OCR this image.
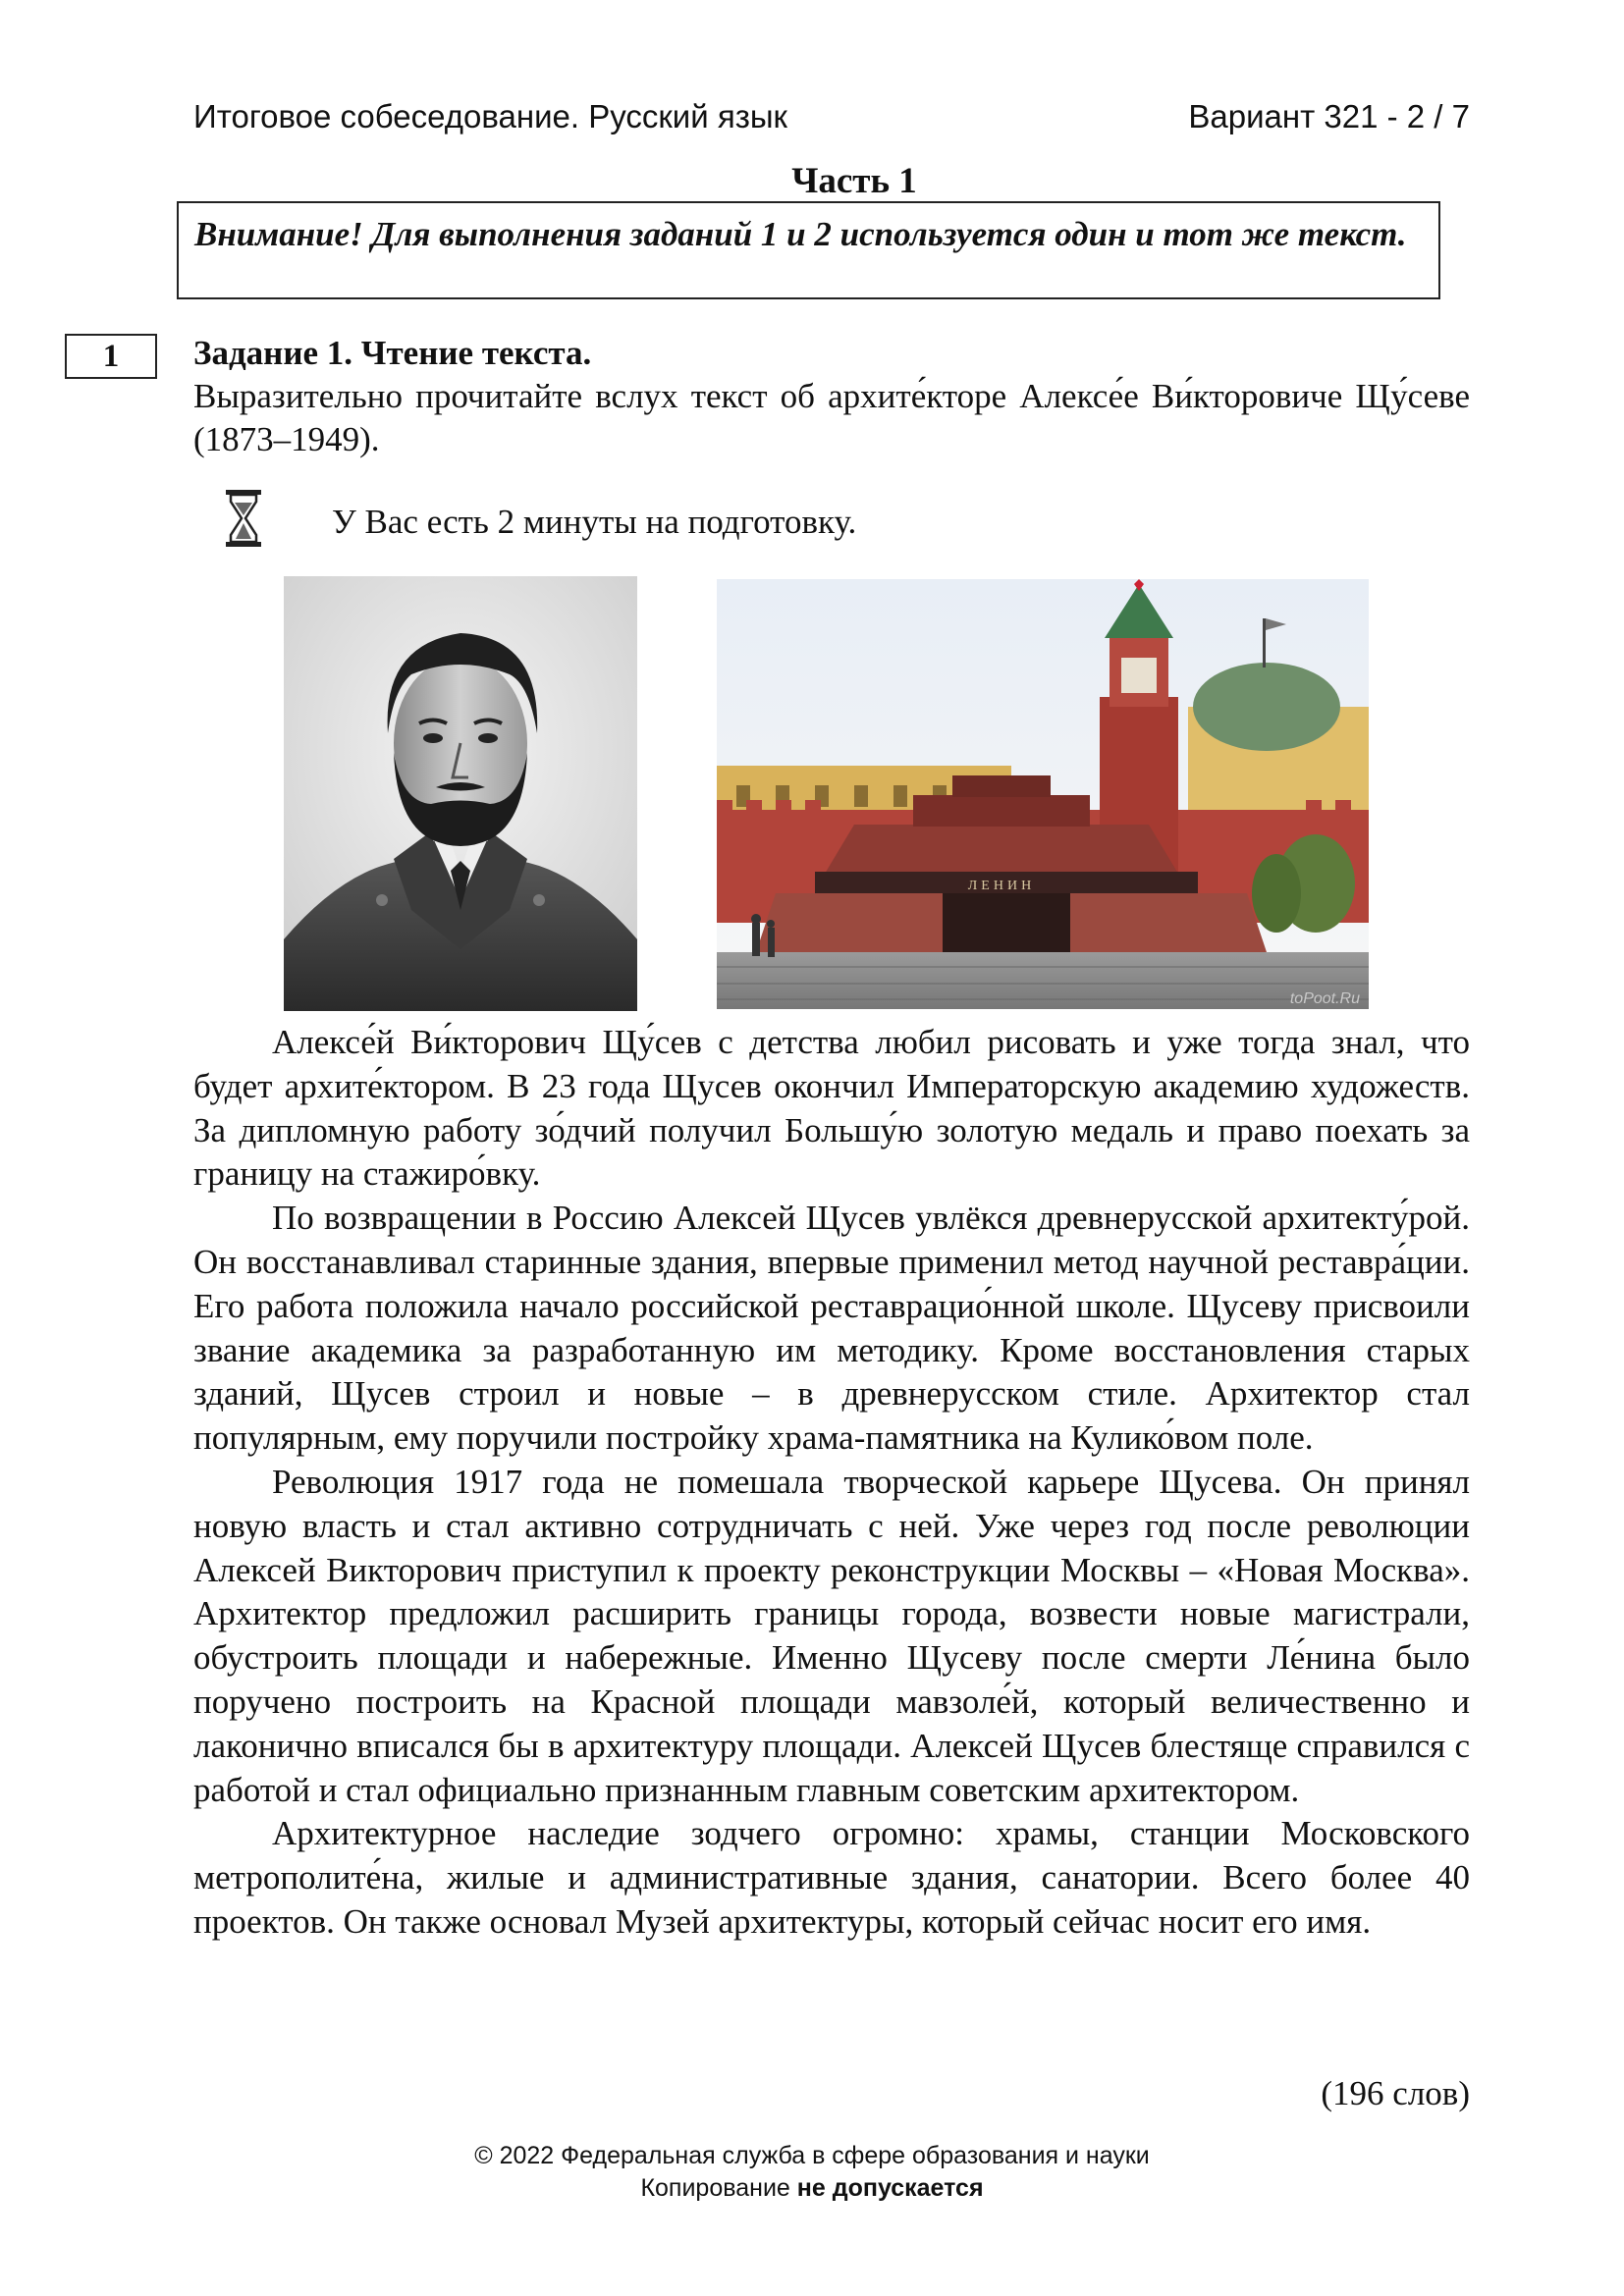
Итоговое собеседование. Русский язык	Вариант 321 - 2 / 7
Часть 1
Внимание! Для выполнения заданий 1 и 2 используется один и тот же текст.
1	Задание 1. Чтение текста.
Выразительно прочитайте вслух текст об архите́кторе Алексе́е Ви́кторовиче Щу́севе (1873–1949).
У Вас есть 2 минуты на подготовку.
ЛЕНИН
toPoot.Ru

Алексе́й Ви́кторович Щу́сев с детства любил рисовать и уже тогда знал, что будет архите́ктором. В 23 года Щусев окончил Императорскую академию художеств. За дипломную работу зо́дчий получил Большу́ю золотую медаль и право поехать за границу на стажиро́вку.

По возвращении в Россию Алексей Щусев увлёкся древнерусской архитекту́рой. Он восстанавливал старинные здания, впервые применил метод научной реставра́ции. Его работа положила начало российской реставрацио́нной школе. Щусеву присвоили звание академика за разработанную им методику. Кроме восстановления старых зданий, Щусев строил и новые – в древнерусском стиле. Архитектор стал популярным, ему поручили постройку храма-памятника на Кулико́вом поле.

Революция 1917 года не помешала творческой карьере Щусева. Он принял новую власть и стал активно сотрудничать с ней. Уже через год после революции Алексей Викторович приступил к проекту реконструкции Москвы – «Новая Москва». Архитектор предложил расширить границы города, возвести новые магистрали, обустроить площади и набережные. Именно Щусеву после смерти Ле́нина было поручено построить на Красной площади мавзоле́й, который величественно и лаконично вписался бы в архитектуру площади. Алексей Щусев блестяще справился с работой и стал официально признанным главным советским архитектором.

Архитектурное наследие зодчего огромно: храмы, станции Московского метрополите́на, жилые и административные здания, санатории. Всего более 40 проектов. Он также основал Музей архитектуры, который сейчас носит его имя.

(196 слов)
© 2022 Федеральная служба в сфере образования и науки
Копирование не допускается
